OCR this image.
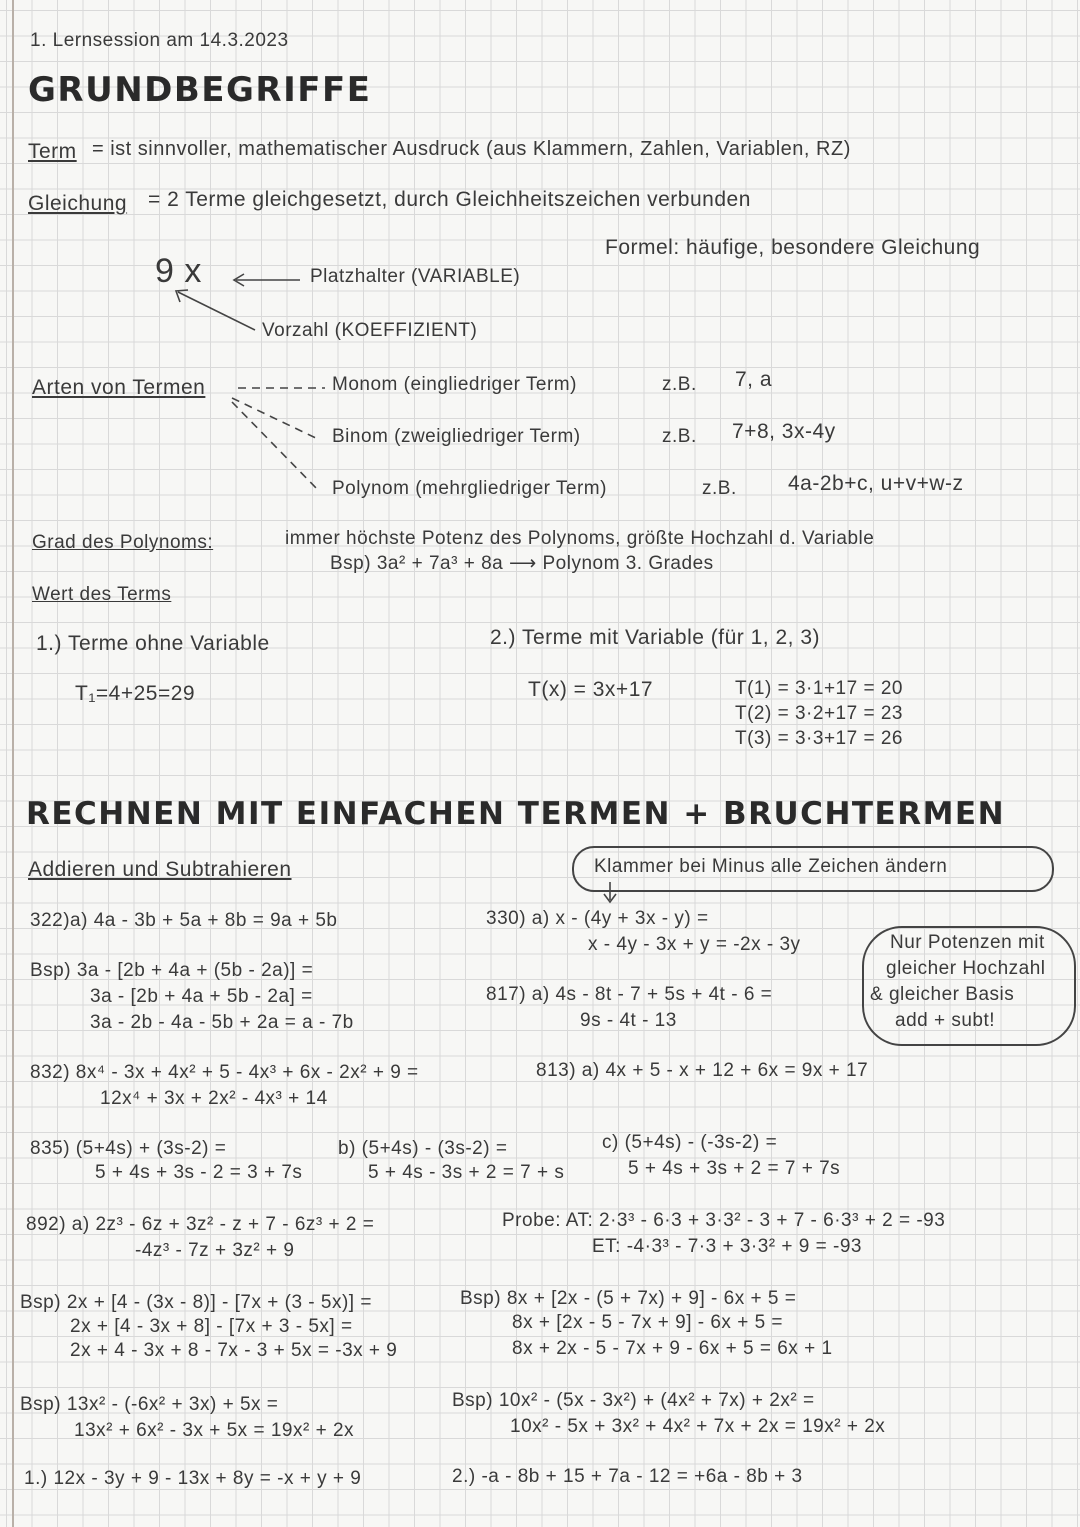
1. Lernsession am 14.3.2023
GRUNDBEGRIFFE
Term = ist sinnvoller, mathematischer Ausdruck (aus Klammern, Zahlen, Variablen, RZ)
Gleichung = 2 Terme gleichgesetzt, durch Gleichheitszeichen verbunden
Formel: häufige, besondere Gleichung
9 x	Platzhalter (VARIABLE)
Vorzahl (KOEFFIZIENT)
Arten von Termen	Monom (eingliedriger Term)	z.B. 7, a
Binom (zweigliedriger Term)	z.B. 7+8, 3x-4y
Polynom (mehrgliedriger Term)	z.B. 4a-2b+c, u+v+w-z
Grad des Polynoms:	immer höchste Potenz des Polynoms, größte Hochzahl d. Variable
Bsp) 3a² + 7a³ + 8a ⟶ Polynom 3. Grades
Wert des Terms
1.) Terme ohne Variable
T₁=4+25=29
2.) Terme mit Variable (für 1, 2, 3)
T(x) = 3x+17	T(1) = 3·1+17 = 20
T(2) = 3·2+17 = 23
T(3) = 3·3+17 = 26
RECHNEN MIT EINFACHEN TERMEN + BRUCHTERMEN
Addieren und Subtrahieren	Klammer bei Minus alle Zeichen ändern
Nur Potenzen mit
gleicher Hochzahl
& gleicher Basis
add + subt!
322)a) 4a - 3b + 5a + 8b = 9a + 5b
Bsp) 3a - [2b + 4a + (5b - 2a)] =
3a - [2b + 4a + 5b - 2a] =
3a - 2b - 4a - 5b + 2a = a - 7b
330) a) x - (4y + 3x - y) =
x - 4y - 3x + y = -2x - 3y
817) a) 4s - 8t - 7 + 5s + 4t - 6 =
9s - 4t - 13
832) 8x⁴ - 3x + 4x² + 5 - 4x³ + 6x - 2x² + 9 =
12x⁴ + 3x + 2x² - 4x³ + 14
813) a) 4x + 5 - x + 12 + 6x = 9x + 17
835) (5+4s) + (3s-2) =
5 + 4s + 3s - 2 = 3 + 7s
b) (5+4s) - (3s-2) =
5 + 4s - 3s + 2 = 7 + s
c) (5+4s) - (-3s-2) =
5 + 4s + 3s + 2 = 7 + 7s
892) a) 2z³ - 6z + 3z² - z + 7 - 6z³ + 2 =
-4z³ - 7z + 3z² + 9
Probe: AT: 2·3³ - 6·3 + 3·3² - 3 + 7 - 6·3³ + 2 = -93
ET: -4·3³ - 7·3 + 3·3² + 9 = -93
Bsp) 2x + [4 - (3x - 8)] - [7x + (3 - 5x)] =
2x + [4 - 3x + 8] - [7x + 3 - 5x] =
2x + 4 - 3x + 8 - 7x - 3 + 5x = -3x + 9
Bsp) 8x + [2x - (5 + 7x) + 9] - 6x + 5 =
8x + [2x - 5 - 7x + 9] - 6x + 5 =
8x + 2x - 5 - 7x + 9 - 6x + 5 = 6x + 1
Bsp) 13x² - (-6x² + 3x) + 5x =
13x² + 6x² - 3x + 5x = 19x² + 2x
Bsp) 10x² - (5x - 3x²) + (4x² + 7x) + 2x² =
10x² - 5x + 3x² + 4x² + 7x + 2x = 19x² + 2x
1.) 12x - 3y + 9 - 13x + 8y = -x + y + 9	2.) -a - 8b + 15 + 7a - 12 = +6a - 8b + 3
